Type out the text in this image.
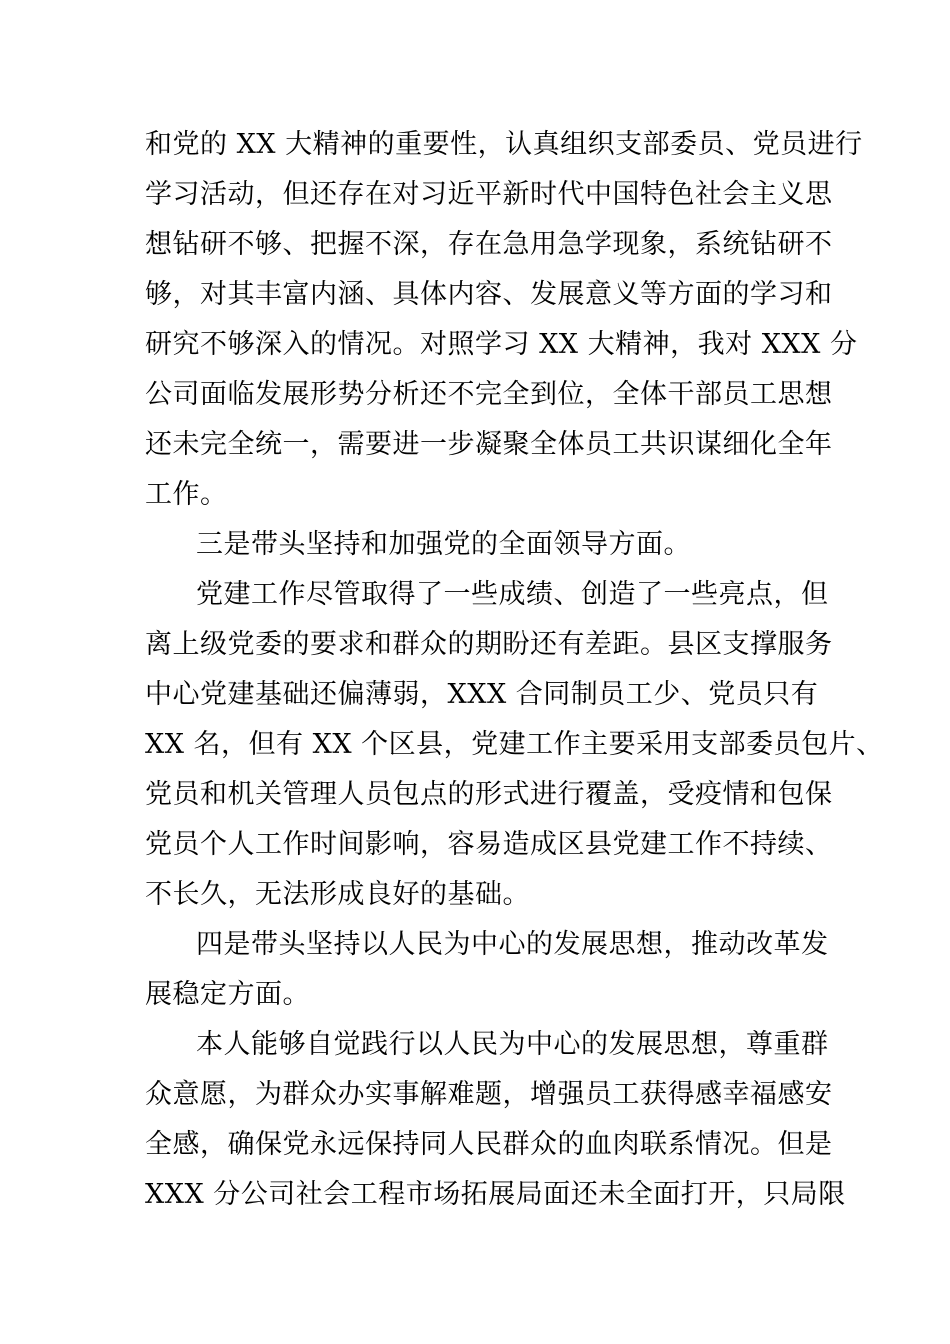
和党的 XX 大精神的重要性，认真组织支部委员、党员进行
学习活动，但还存在对习近平新时代中国特色社会主义思
想钻研不够、把握不深，存在急用急学现象，系统钻研不
够，对其丰富内涵、具体内容、发展意义等方面的学习和
研究不够深入的情况。对照学习 XX 大精神，我对 XXX 分
公司面临发展形势分析还不完全到位，全体干部员工思想
还未完全统一，需要进一步凝聚全体员工共识谋细化全年
工作。
三是带头坚持和加强党的全面领导方面。
党建工作尽管取得了一些成绩、创造了一些亮点，但
离上级党委的要求和群众的期盼还有差距。县区支撑服务
中心党建基础还偏薄弱，XXX 合同制员工少、党员只有
XX 名，但有 XX 个区县，党建工作主要采用支部委员包片、
党员和机关管理人员包点的形式进行覆盖，受疫情和包保
党员个人工作时间影响，容易造成区县党建工作不持续、
不长久，无法形成良好的基础。
四是带头坚持以人民为中心的发展思想，推动改革发
展稳定方面。
本人能够自觉践行以人民为中心的发展思想，尊重群
众意愿，为群众办实事解难题，增强员工获得感幸福感安
全感，确保党永远保持同人民群众的血肉联系情况。但是
XXX 分公司社会工程市场拓展局面还未全面打开，只局限
